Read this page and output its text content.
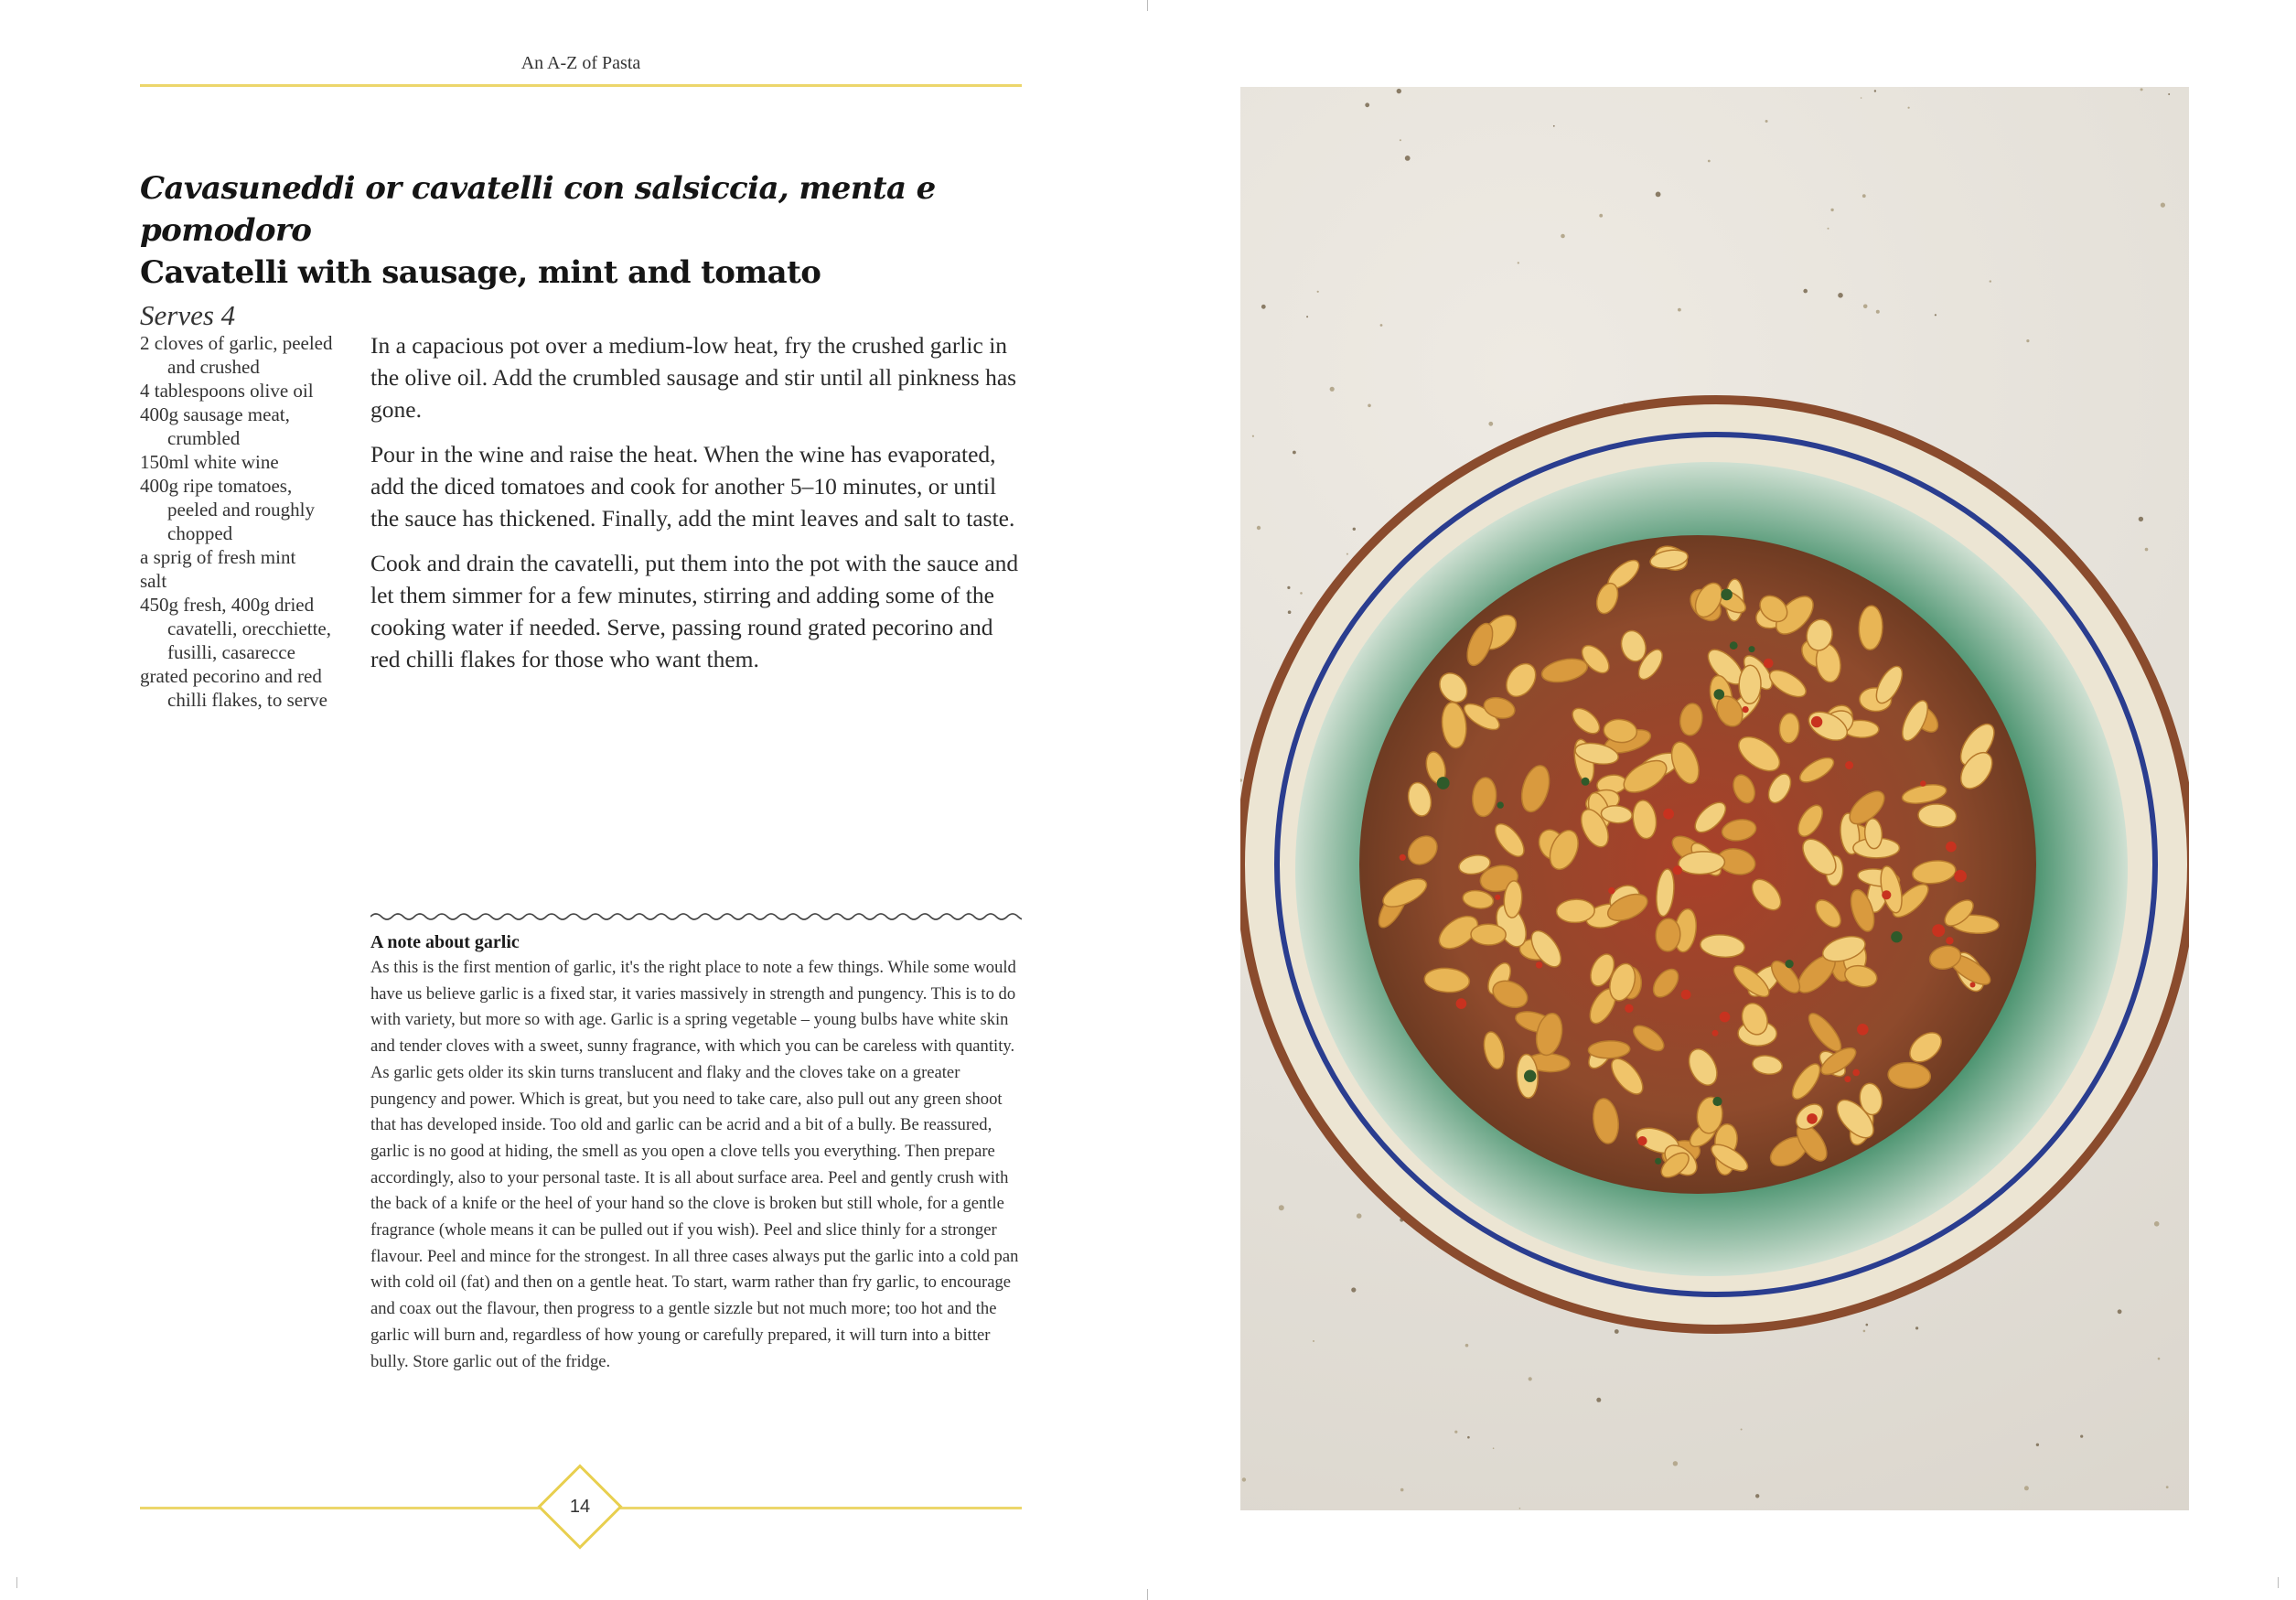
An A-Z of Pasta
Cavasuneddi or cavatelli con salsiccia, menta e pomodoro
Cavatelli with sausage, mint and tomato
Serves 4
2 cloves of garlic, peeled and crushed
4 tablespoons olive oil
400g sausage meat, crumbled
150ml white wine
400g ripe tomatoes, peeled and roughly chopped
a sprig of fresh mint
salt
450g fresh, 400g dried cavatelli, orecchiette, fusilli, casarecce
grated pecorino and red chilli flakes, to serve

In a capacious pot over a medium-low heat, fry the crushed garlic in the olive oil. Add the crumbled sausage and stir until all pinkness has gone.

Pour in the wine and raise the heat. When the wine has evaporated, add the diced tomatoes and cook for another 5–10 minutes, or until the sauce has thickened. Finally, add the mint leaves and salt to taste.

Cook and drain the cavatelli, put them into the pot with the sauce and let them simmer for a few minutes, stirring and adding some of the cooking water if needed. Serve, passing round grated pecorino and red chilli flakes for those who want them.

A note about garlic

As this is the first mention of garlic, it's the right place to note a few things. While some would have us believe garlic is a fixed star, it varies massively in strength and pungency. This is to do with variety, but more so with age. Garlic is a spring vegetable – young bulbs have white skin and tender cloves with a sweet, sunny fragrance, with which you can be careless with quantity. As garlic gets older its skin turns translucent and flaky and the cloves take on a greater pungency and power. Which is great, but you need to take care, also pull out any green shoot that has developed inside. Too old and garlic can be acrid and a bit of a bully. Be reassured, garlic is no good at hiding, the smell as you open a clove tells you everything. Then prepare accordingly, also to your personal taste. It is all about surface area. Peel and gently crush with the back of a knife or the heel of your hand so the clove is broken but still whole, for a gentle fragrance (whole means it can be pulled out if you wish). Peel and slice thinly for a stronger flavour. Peel and mince for the strongest. In all three cases always put the garlic into a cold pan with cold oil (fat) and then on a gentle heat. To start, warm rather than fry garlic, to encourage and coax out the flavour, then progress to a gentle sizzle but not much more; too hot and the garlic will burn and, regardless of how young or carefully prepared, it will turn into a bitter bully. Store garlic out of the fridge.

14
